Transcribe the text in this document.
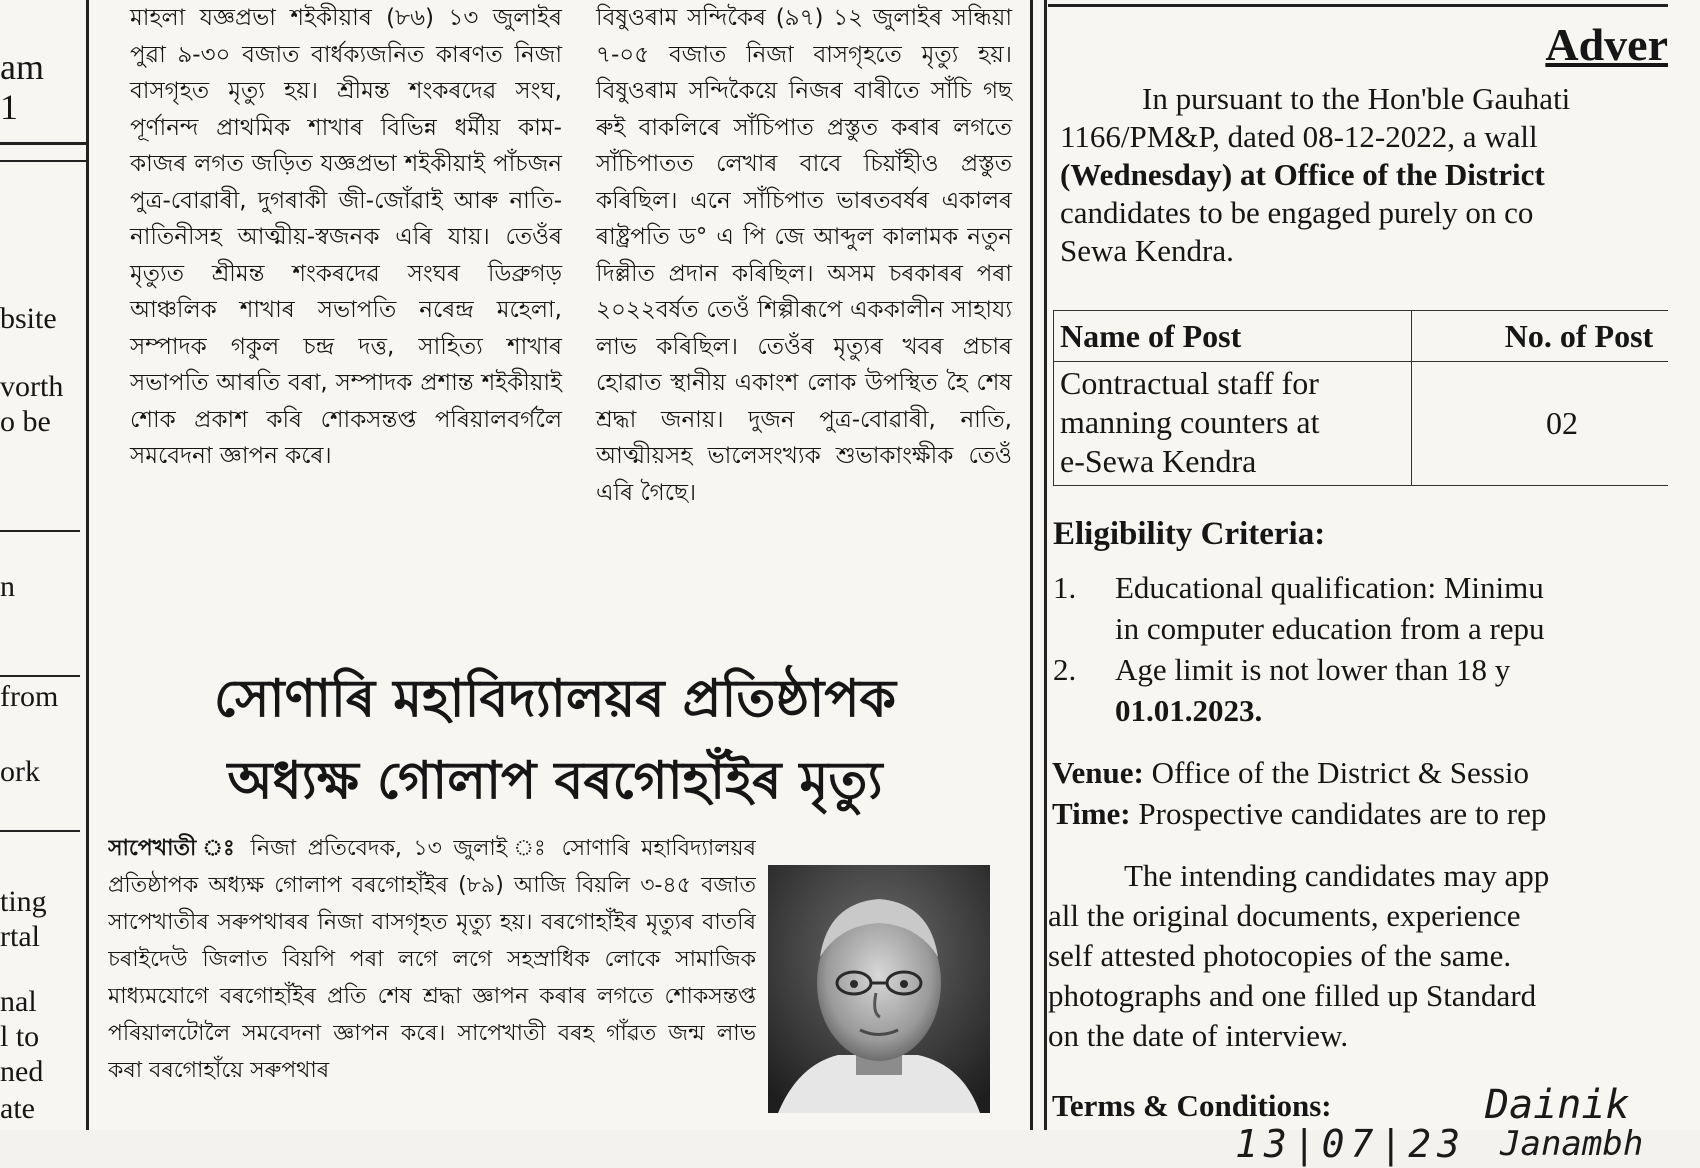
am
1
bsite
vorth
o be
n
from
ork
ting
rtal
nal
l to
ned
ate

মাহলা যজ্ঞপ্ৰভা শইকীয়াৰ (৮৬) ১৩ জুলাইৰ পুৱা ৯-৩০ বজাত বাৰ্ধক্যজনিত কাৰণত নিজা বাসগৃহত মৃত্যু হয়। শ্ৰীমন্ত শংকৰদেৱ সংঘ, পূৰ্ণানন্দ প্ৰাথমিক শাখাৰ বিভিন্ন ধৰ্মীয় কাম-কাজৰ লগত জড়িত যজ্ঞপ্ৰভা শইকীয়াই পাঁচজন পুত্ৰ-বোৱাৰী, দুগৰাকী জী-জোঁৱাই আৰু নাতি-নাতিনীসহ আত্মীয়-স্বজনক এৰি যায়। তেওঁৰ মৃত্যুত শ্ৰীমন্ত শংকৰদেৱ সংঘৰ ডিব্ৰুগড় আঞ্চলিক শাখাৰ সভাপতি নৰেন্দ্ৰ মহেলা, সম্পাদক গকুল চন্দ্ৰ দত্ত, সাহিত্য শাখাৰ সভাপতি আৰতি বৰা, সম্পাদক প্ৰশান্ত শইকীয়াই শোক প্ৰকাশ কৰি শোকসন্তপ্ত পৰিয়ালবৰ্গলৈ সমবেদনা জ্ঞাপন কৰে।

বিষুওৰাম সন্দিকৈৰ (৯৭) ১২ জুলাইৰ সন্ধিয়া ৭-০৫ বজাত নিজা বাসগৃহতে মৃত্যু হয়। বিষুওৰাম সন্দিকৈয়ে নিজৰ বাৰীতে সাঁচি গছ ৰুই বাকলিৰে সাঁচিপাত প্ৰস্তুত কৰাৰ লগতে সাঁচিপাতত লেখাৰ বাবে চিয়াঁহীও প্ৰস্তুত কৰিছিল। এনে সাঁচিপাত ভাৰতবৰ্ষৰ একালৰ ৰাষ্ট্ৰপতি ড° এ পি জে আব্দুল কালামক নতুন দিল্লীত প্ৰদান কৰিছিল। অসম চৰকাৰৰ পৰা ২০২২বৰ্ষত তেওঁ শিল্পীৰূপে এককালীন সাহায্য লাভ কৰিছিল। তেওঁৰ মৃত্যুৰ খবৰ প্ৰচাৰ হোৱাত স্থানীয় একাংশ লোক উপস্থিত হৈ শেষ শ্ৰদ্ধা জনায়। দুজন পুত্ৰ-বোৱাৰী, নাতি, আত্মীয়সহ ভালেসংখ্যক শুভাকাংক্ষীক তেওঁ এৰি গৈছে।

সোণাৰি মহাবিদ্যালয়ৰ প্ৰতিষ্ঠাপক
অধ্যক্ষ গোলাপ বৰগোহাঁইৰ মৃত্যু
সাপেখাতী ঃ নিজা প্ৰতিবেদক, ১৩ জুলাই ঃ সোণাৰি মহাবিদ্যালয়ৰ প্ৰতিষ্ঠাপক অধ্যক্ষ গোলাপ বৰগোহাঁইৰ (৮৯) আজি বিয়লি ৩-৪৫ বজাত সাপেখাতীৰ সৰুপথাৰৰ নিজা বাসগৃহত মৃত্যু হয়। বৰগোহাঁইৰ মৃত্যুৰ বাতৰি চৰাইদেউ জিলাত বিয়পি পৰা লগে লগে সহস্ৰাধিক লোকে সামাজিক মাধ্যমযোগে বৰগোহাঁইৰ প্ৰতি শেষ শ্ৰদ্ধা জ্ঞাপন কৰাৰ লগতে শোকসন্তপ্ত পৰিয়ালটোলৈ সমবেদনা জ্ঞাপন কৰে। সাপেখাতী বৰহ গাঁৱত জন্ম লাভ কৰা বৰগোহাঁয়ে সৰুপথাৰ
Adver
In pursuant to the Hon'ble Gauhati
1166/PM&P, dated 08-12-2022, a wall
(Wednesday) at Office of the District
candidates to be engaged purely on co
Sewa Kendra.
Name of Post	No. of Post

Contractual staff for
manning counters at
e-Sewa Kendra	02
Eligibility Criteria:
1. Educational qualification: Minimu
in computer education from a repu
2. Age limit is not lower than 18 y
01.01.2023.
Venue: Office of the District & Sessio
Time: Prospective candidates are to rep
The intending candidates may app
all the original documents, experience
self attested photocopies of the same.
photographs and one filled up Standard
on the date of interview.
Terms & Conditions:	Dainik
13|07|23 Janambh
